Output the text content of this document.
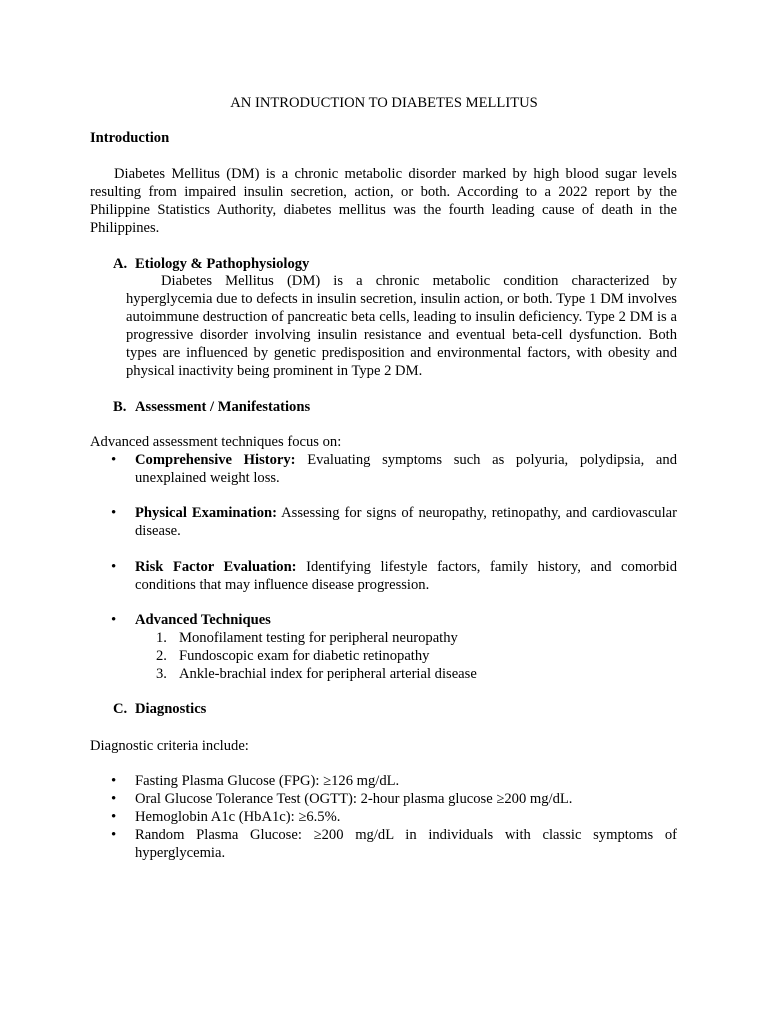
AN INTRODUCTION TO DIABETES MELLITUS
Introduction
Diabetes Mellitus (DM) is a chronic metabolic disorder marked by high blood sugar levels resulting from impaired insulin secretion, action, or both. According to a 2022 report by the Philippine Statistics Authority, diabetes mellitus was the fourth leading cause of death in the Philippines.
A. Etiology & Pathophysiology
Diabetes Mellitus (DM) is a chronic metabolic condition characterized by hyperglycemia due to defects in insulin secretion, insulin action, or both. Type 1 DM involves autoimmune destruction of pancreatic beta cells, leading to insulin deficiency. Type 2 DM is a progressive disorder involving insulin resistance and eventual beta-cell dysfunction. Both types are influenced by genetic predisposition and environmental factors, with obesity and physical inactivity being prominent in Type 2 DM.
B. Assessment / Manifestations
Advanced assessment techniques focus on:
• Comprehensive History: Evaluating symptoms such as polyuria, polydipsia, and unexplained weight loss.
• Physical Examination: Assessing for signs of neuropathy, retinopathy, and cardiovascular disease.
• Risk Factor Evaluation: Identifying lifestyle factors, family history, and comorbid conditions that may influence disease progression.
• Advanced Techniques
1. Monofilament testing for peripheral neuropathy
2. Fundoscopic exam for diabetic retinopathy
3. Ankle-brachial index for peripheral arterial disease
C. Diagnostics
Diagnostic criteria include:
• Fasting Plasma Glucose (FPG): ≥126 mg/dL.
• Oral Glucose Tolerance Test (OGTT): 2-hour plasma glucose ≥200 mg/dL.
• Hemoglobin A1c (HbA1c): ≥6.5%.
• Random Plasma Glucose: ≥200 mg/dL in individuals with classic symptoms of hyperglycemia.
